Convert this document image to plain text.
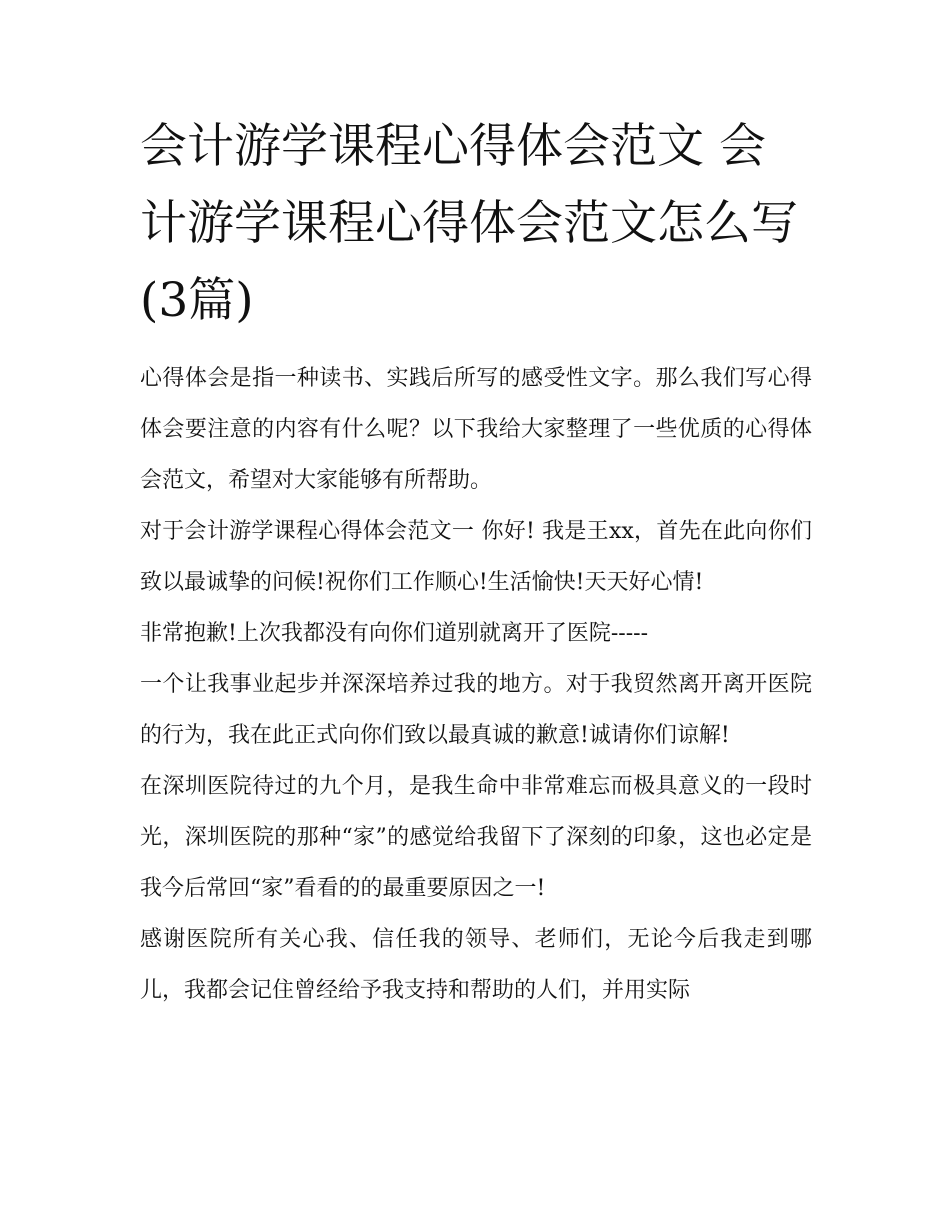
会计游学课程心得体会范文 会计游学课程心得体会范文怎么写(3篇)

心得体会是指一种读书、实践后所写的感受性文字。那么我们写心得体会要注意的内容有什么呢？以下我给大家整理了一些优质的心得体会范文，希望对大家能够有所帮助。

对于会计游学课程心得体会范文一 你好! 我是王xx，首先在此向你们致以最诚挚的问候!祝你们工作顺心!生活愉快!天天好心情!

非常抱歉!上次我都没有向你们道别就离开了医院-----

一个让我事业起步并深深培养过我的地方。对于我贸然离开离开医院的行为，我在此正式向你们致以最真诚的歉意!诚请你们谅解!

在深圳医院待过的九个月，是我生命中非常难忘而极具意义的一段时光，深圳医院的那种“家”的感觉给我留下了深刻的印象，这也必定是我今后常回“家”看看的的最重要原因之一!

感谢医院所有关心我、信任我的领导、老师们，无论今后我走到哪儿，我都会记住曾经给予我支持和帮助的人们，并用实际
